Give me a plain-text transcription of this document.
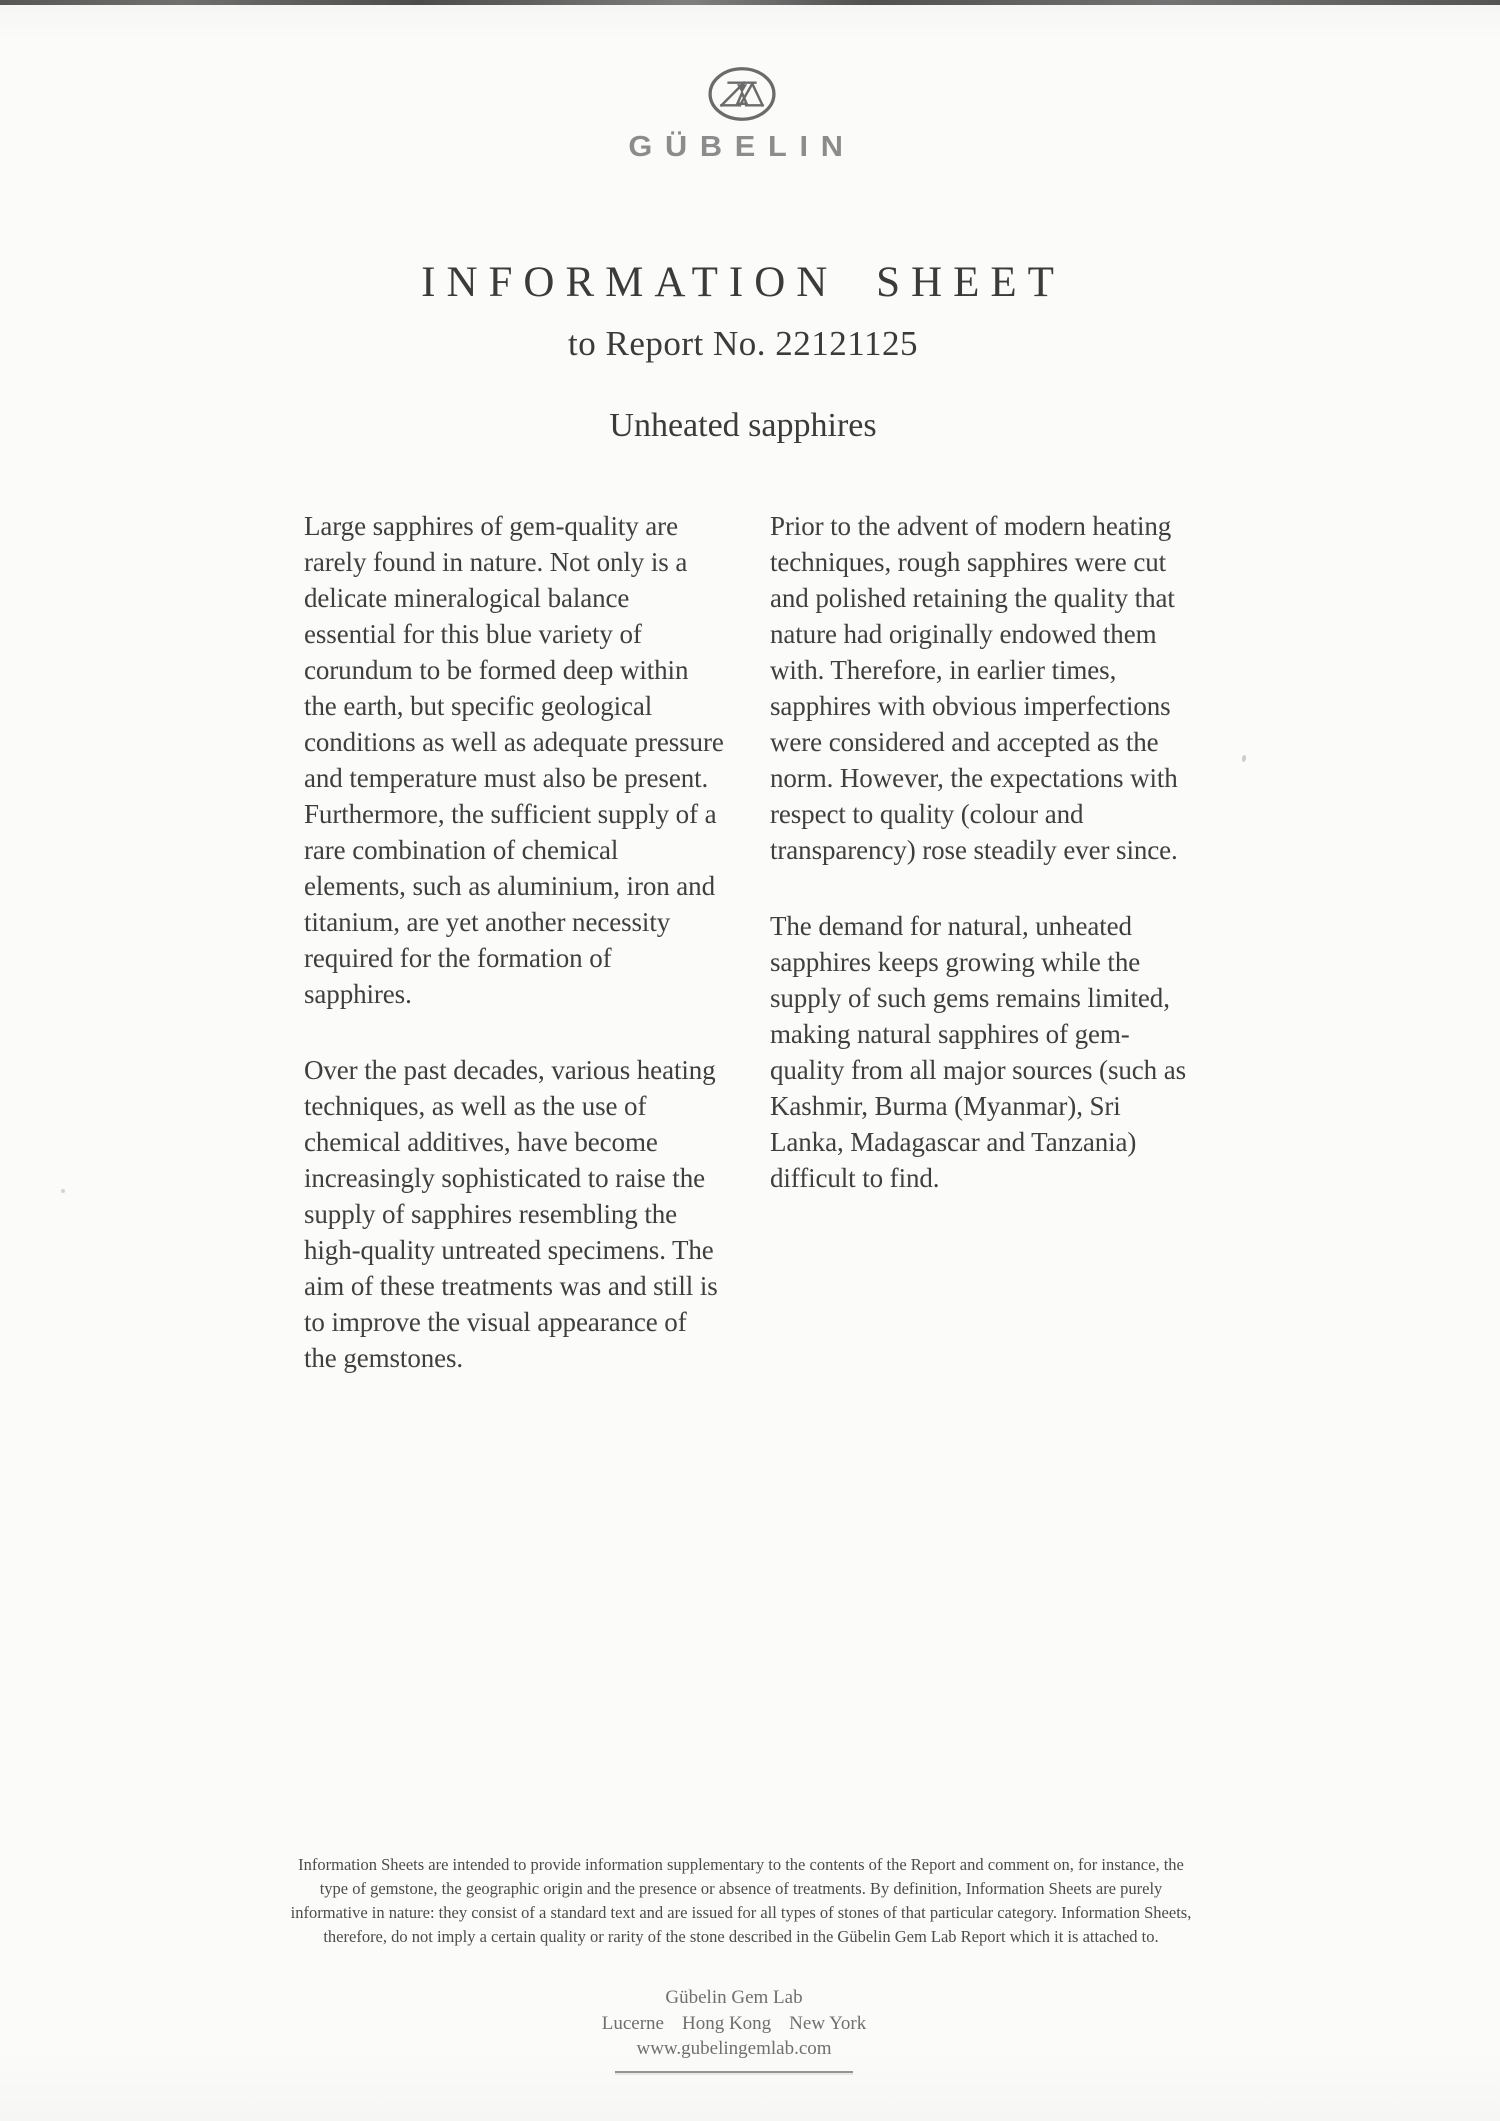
GÜBELIN
INFORMATION SHEET
to Report No. 22121125
Unheated sapphires

Large sapphires of gem-quality are rarely found in nature. Not only is a delicate mineralogical balance essential for this blue variety of corundum to be formed deep within the earth, but specific geological conditions as well as adequate pressure and temperature must also be present. Furthermore, the sufficient supply of a rare combination of chemical elements, such as aluminium, iron and titanium, are yet another necessity required for the formation of sapphires.

Over the past decades, various heating techniques, as well as the use of chemical additives, have become increasingly sophisticated to raise the supply of sapphires resembling the high-quality untreated specimens. The aim of these treatments was and still is to improve the visual appearance of the gemstones.

Prior to the advent of modern heating techniques, rough sapphires were cut and polished retaining the quality that nature had originally endowed them with. Therefore, in earlier times, sapphires with obvious imperfections were considered and accepted as the norm. However, the expectations with respect to quality (colour and transparency) rose steadily ever since.

The demand for natural, unheated sapphires keeps growing while the supply of such gems remains limited, making natural sapphires of gem-quality from all major sources (such as Kashmir, Burma (Myanmar), Sri Lanka, Madagascar and Tanzania) difficult to find.

Information Sheets are intended to provide information supplementary to the contents of the Report and comment on, for instance, the type of gemstone, the geographic origin and the presence or absence of treatments. By definition, Information Sheets are purely informative in nature: they consist of a standard text and are issued for all types of stones of that particular category. Information Sheets, therefore, do not imply a certain quality or rarity of the stone described in the Gübelin Gem Lab Report which it is attached to.

Gübelin Gem Lab
Lucerne Hong Kong New York
www.gubelingemlab.com
